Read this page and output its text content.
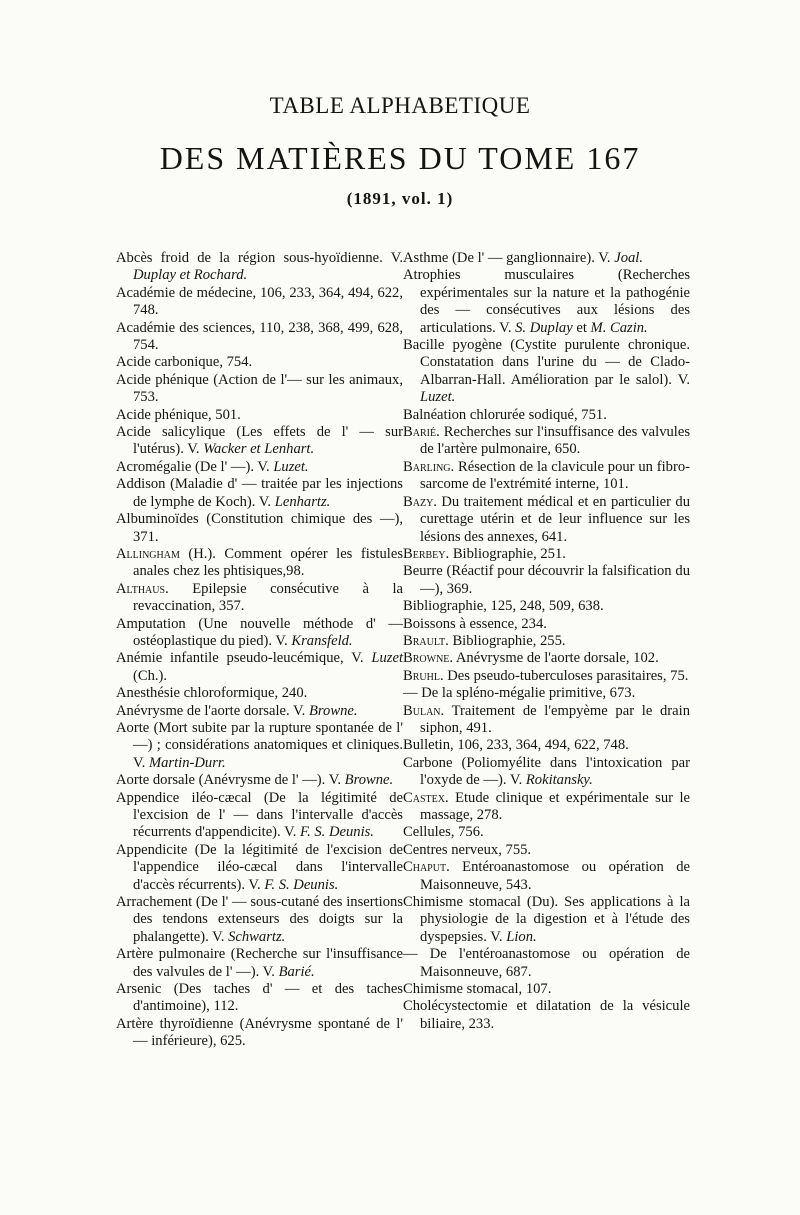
TABLE ALPHABETIQUE
DES MATIÈRES DU TOME 167
(1891, vol. 1)

Abcès froid de la région sous-hyoïdienne. V. Duplay et Rochard.

Académie de médecine, 106, 233, 364, 494, 622, 748.

Académie des sciences, 110, 238, 368, 499, 628, 754.

Acide carbonique, 754.

Acide phénique (Action de l'— sur les animaux, 753.

Acide phénique, 501.

Acide salicylique (Les effets de l' — sur l'utérus). V. Wacker et Lenhart.

Acromégalie (De l' —). V. Luzet.

Addison (Maladie d' — traitée par les injections de lymphe de Koch). V. Lenhartz.

Albuminoïdes (Constitution chimique des —), 371.

Allingham (H.). Comment opérer les fistules anales chez les phtisiques,98.

Althaus. Epilepsie consécutive à la revaccination, 357.

Amputation (Une nouvelle méthode d' — ostéoplastique du pied). V. Kransfeld.

Anémie infantile pseudo-leucémique, V. Luzet (Ch.).

Anesthésie chloroformique, 240.

Anévrysme de l'aorte dorsale. V. Browne.

Aorte (Mort subite par la rupture spontanée de l' —) ; considérations anatomiques et cliniques. V. Martin-Durr.

Aorte dorsale (Anévrysme de l' —). V. Browne.

Appendice iléo-cæcal (De la légitimité de l'excision de l' — dans l'intervalle d'accès récurrents d'appendicite). V. F. S. Deunis.

Appendicite (De la légitimité de l'excision de l'appendice iléo-cæcal dans l'intervalle d'accès récurrents). V. F. S. Deunis.

Arrachement (De l' — sous-cutané des insertions des tendons extenseurs des doigts sur la phalangette). V. Schwartz.

Artère pulmonaire (Recherche sur l'insuffisance des valvules de l' —). V. Barié.

Arsenic (Des taches d' — et des taches d'antimoine), 112.

Artère thyroïdienne (Anévrysme spontané de l' — inférieure), 625.

Asthme (De l' — ganglionnaire). V. Joal.

Atrophies musculaires (Recherches expérimentales sur la nature et la pathogénie des — consécutives aux lésions des articulations. V. S. Duplay et M. Cazin.

Bacille pyogène (Cystite purulente chronique. Constatation dans l'urine du — de Clado-Albarran-Hall. Amélioration par le salol). V. Luzet.

Balnéation chlorurée sodiqué, 751.

Barié. Recherches sur l'insuffisance des valvules de l'artère pulmonaire, 650.

Barling. Résection de la clavicule pour un fibro-sarcome de l'extrémité interne, 101.

Bazy. Du traitement médical et en particulier du curettage utérin et de leur influence sur les lésions des annexes, 641.

Berbey. Bibliographie, 251.

Beurre (Réactif pour découvrir la falsification du —), 369.

Bibliographie, 125, 248, 509, 638.

Boissons à essence, 234.

Brault. Bibliographie, 255.

Browne. Anévrysme de l'aorte dorsale, 102.

Bruhl. Des pseudo-tuberculoses parasitaires, 75.

— De la spléno-mégalie primitive, 673.

Bulan. Traitement de l'empyème par le drain siphon, 491.

Bulletin, 106, 233, 364, 494, 622, 748.

Carbone (Poliomyélite dans l'intoxication par l'oxyde de —). V. Rokitansky.

Castex. Etude clinique et expérimentale sur le massage, 278.

Cellules, 756.

Centres nerveux, 755.

Chaput. Entéroanastomose ou opération de Maisonneuve, 543.

Chimisme stomacal (Du). Ses applications à la physiologie de la digestion et à l'étude des dyspepsies. V. Lion.

— De l'entéroanastomose ou opération de Maisonneuve, 687.

Chimisme stomacal, 107.

Cholécystectomie et dilatation de la vésicule biliaire, 233.
